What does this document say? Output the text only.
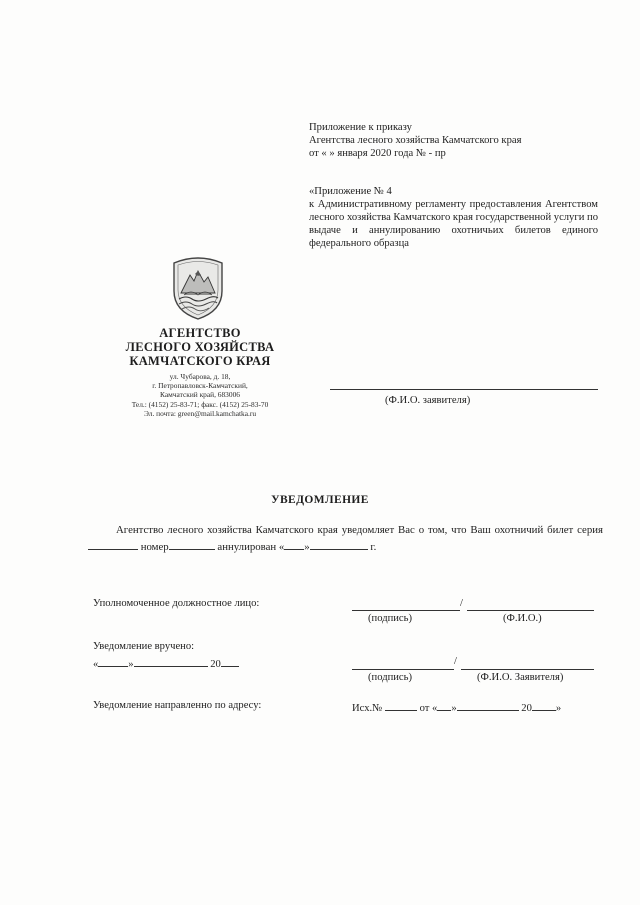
Приложение к приказу
Агентства лесного хозяйства Камчатского края
от « » января 2020 года № - пр
«Приложение № 4
к Административному регламенту предоставления Агентством лесного хозяйства Камчатского края государственной услуги по выдаче и аннулированию охотничьих билетов единого федерального образца
АГЕНТСТВО
ЛЕСНОГО ХОЗЯЙСТВА
КАМЧАТСКОГО КРАЯ
ул. Чубарова, д. 18,
г. Петропавловск-Камчатский,
Камчатский край, 683006
Тел.: (4152) 25-83-71; факс. (4152) 25-83-70
Эл. почта: green@mail.kamchatka.ru
(Ф.И.О. заявителя)
УВЕДОМЛЕНИЕ
Агентство лесного хозяйства Камчатского края уведомляет Вас о том, что Ваш охотничий билет серия номер	аннулирован « »	г.
Уполномоченное должностное лицо:	/
(подпись)	(Ф.И.О.)
Уведомление вручено:
«	»	20	/
(подпись)	(Ф.И.О. Заявителя)
Уведомление направленно по адресу:	Исх.№	от « »	20 »
